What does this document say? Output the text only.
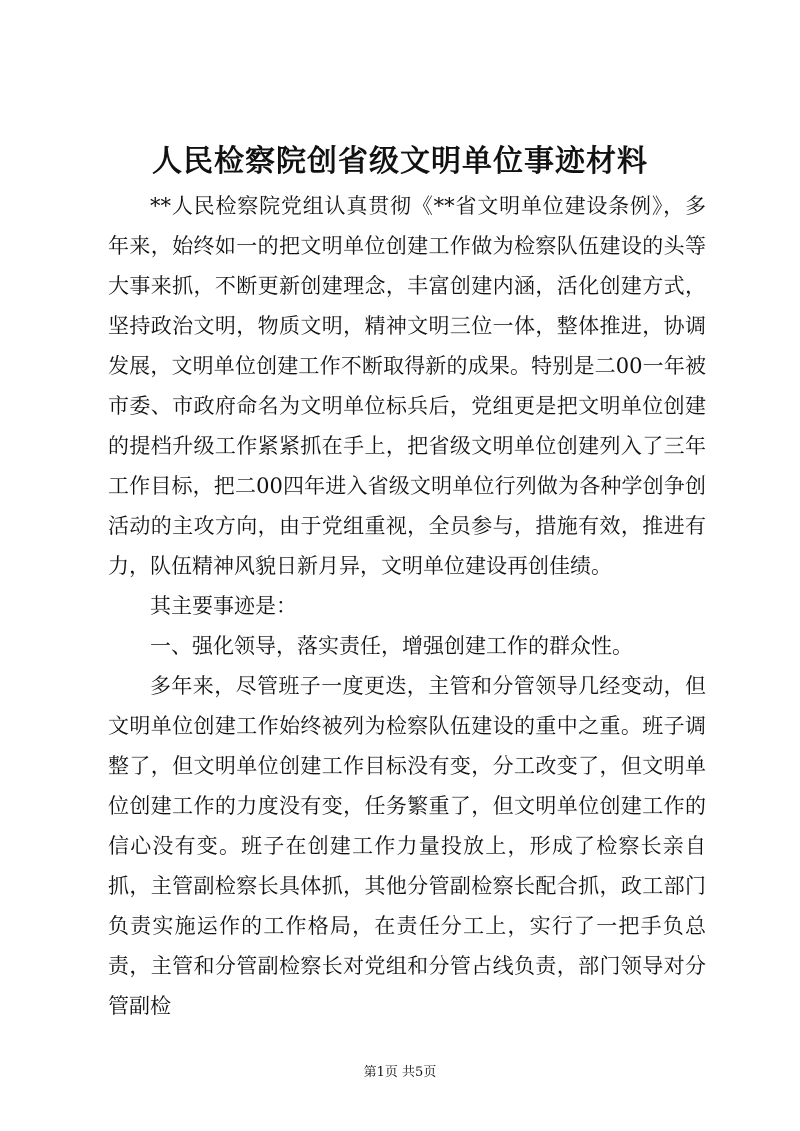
人民检察院创省级文明单位事迹材料

**人民检察院党组认真贯彻《**省文明单位建设条例》，多年来，始终如一的把文明单位创建工作做为检察队伍建设的头等大事来抓，不断更新创建理念，丰富创建内涵，活化创建方式，坚持政治文明，物质文明，精神文明三位一体，整体推进，协调发展，文明单位创建工作不断取得新的成果。特别是二00一年被市委、市政府命名为文明单位标兵后，党组更是把文明单位创建的提档升级工作紧紧抓在手上，把省级文明单位创建列入了三年工作目标，把二00四年进入省级文明单位行列做为各种学创争创活动的主攻方向，由于党组重视，全员参与，措施有效，推进有力，队伍精神风貌日新月异，文明单位建设再创佳绩。

其主要事迹是：

一、强化领导，落实责任，增强创建工作的群众性。

多年来，尽管班子一度更迭，主管和分管领导几经变动，但文明单位创建工作始终被列为检察队伍建设的重中之重。班子调整了，但文明单位创建工作目标没有变，分工改变了，但文明单位创建工作的力度没有变，任务繁重了，但文明单位创建工作的信心没有变。班子在创建工作力量投放上，形成了检察长亲自抓，主管副检察长具体抓，其他分管副检察长配合抓，政工部门负责实施运作的工作格局，在责任分工上，实行了一把手负总责，主管和分管副检察长对党组和分管占线负责，部门领导对分管副检

第1页 共5页
